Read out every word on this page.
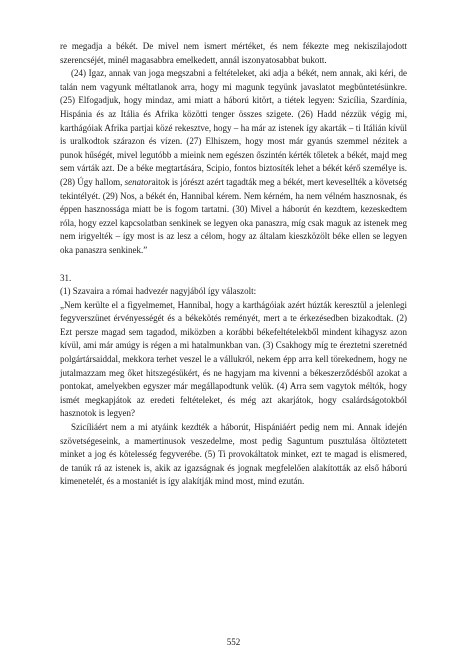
re megadja a békét. De mivel nem ismert mértéket, és nem fékezte meg nekiszilajodott szerencséjét, minél magasabbra emelkedett, annál iszonyatosabbat bukott.

(24) Igaz, annak van joga megszabni a feltételeket, aki adja a békét, nem annak, aki kéri, de talán nem vagyunk méltatlanok arra, hogy mi magunk tegyünk javaslatot megbüntetésünkre. (25) Elfogadjuk, hogy mindaz, ami miatt a háború kitört, a tiétek legyen: Szicília, Szardínia, Hispánia és az Itália és Afrika közötti tenger összes szigete. (26) Hadd nézzük végig mi, karthágóiak Afrika partjai közé rekesztve, hogy – ha már az istenek így akarták – ti Itálián kívül is uralkodtok szárazon és vízen. (27) Elhiszem, hogy most már gyanús szemmel nézitek a punok hűségét, mivel legutóbb a mieink nem egészen őszintén kérték tőletek a békét, majd meg sem várták azt. De a béke megtartására, Scipio, fontos biztosíték lehet a békét kérő személye is. (28) Úgy hallom, senatoraitok is jórészt azért tagadták meg a békét, mert kevesellték a követség tekintélyét. (29) Nos, a békét én, Hannibal kérem. Nem kérném, ha nem vélném hasznosnak, és éppen hasznossága miatt be is fogom tartatni. (30) Mivel a háborút én kezdtem, kezeskedtem róla, hogy ezzel kapcsolatban senkinek se legyen oka panaszra, míg csak maguk az istenek meg nem irigyelték – így most is az lesz a célom, hogy az általam kieszközölt béke ellen se legyen oka panaszra senkinek.”

31.

(1) Szavaira a római hadvezér nagyjából így válaszolt:

„Nem kerülte el a figyelmemet, Hannibal, hogy a karthágóiak azért húzták keresztül a jelenlegi fegyverszünet érvényességét és a békekötés reményét, mert a te érkezésedben bizakodtak. (2) Ezt persze magad sem tagadod, miközben a korábbi békefeltételekből mindent kihagysz azon kívül, ami már amúgy is régen a mi hatalmunkban van. (3) Csakhogy míg te éreztetni szeretnéd polgártársaiddal, mekkora terhet veszel le a vállukról, nekem épp arra kell törekednem, hogy ne jutalmazzam meg őket hitszegésükért, és ne hagyjam ma kivenni a békeszerződésből azokat a pontokat, amelyekben egyszer már megállapodtunk velük. (4) Arra sem vagytok méltók, hogy ismét megkapjátok az eredeti feltételeket, és még azt akarjátok, hogy csalárdságotokból hasznotok is legyen?

Szicíliáért nem a mi atyáink kezdték a háborút, Hispániáért pedig nem mi. Annak idején szövetségeseink, a mamertinusok veszedelme, most pedig Saguntum pusztulása öltöztetett minket a jog és kötelesség fegyverébe. (5) Ti provokáltatok minket, ezt te magad is elismered, de tanúk rá az istenek is, akik az igazságnak és jognak megfelelően alakították az első háború kimenetelét, és a mostaniét is így alakítják mind most, mind ezután.

552
